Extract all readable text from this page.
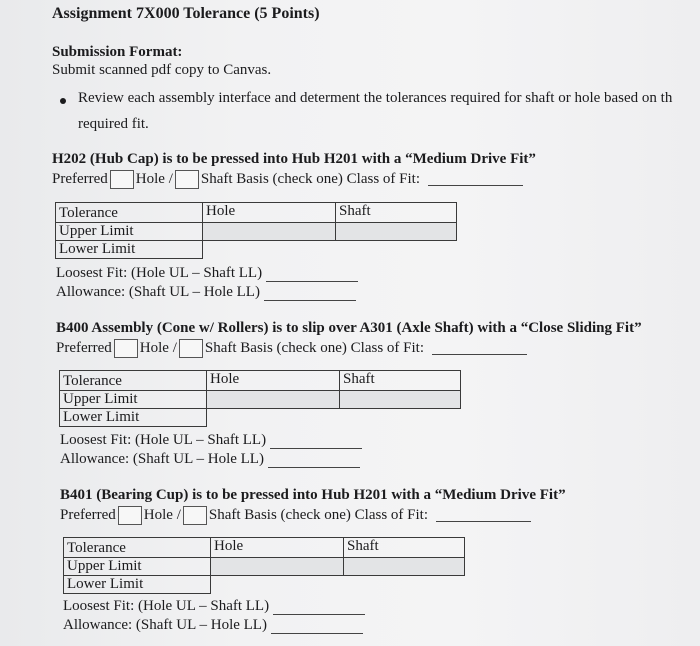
Assignment 7X000 Tolerance (5 Points)
Submission Format:
Submit scanned pdf copy to Canvas.
Review each assembly interface and determent the tolerances required for shaft or hole based on th
required fit.
H202 (Hub Cap) is to be pressed into Hub H201 with a “Medium Drive Fit”
Preferred Hole / Shaft Basis (check one) Class of Fit:
Tolerance	Hole	Shaft
Upper Limit		
Lower Limit		
Loosest Fit: (Hole UL – Shaft LL)
Allowance: (Shaft UL – Hole LL)
B400 Assembly (Cone w/ Rollers) is to slip over A301 (Axle Shaft) with a “Close Sliding Fit”
Preferred Hole / Shaft Basis (check one) Class of Fit:
Tolerance	Hole	Shaft
Upper Limit		
Lower Limit		
Loosest Fit: (Hole UL – Shaft LL)
Allowance: (Shaft UL – Hole LL)
B401 (Bearing Cup) is to be pressed into Hub H201 with a “Medium Drive Fit”
Preferred Hole / Shaft Basis (check one) Class of Fit:
Tolerance	Hole	Shaft
Upper Limit		
Lower Limit		
Loosest Fit: (Hole UL – Shaft LL)
Allowance: (Shaft UL – Hole LL)
